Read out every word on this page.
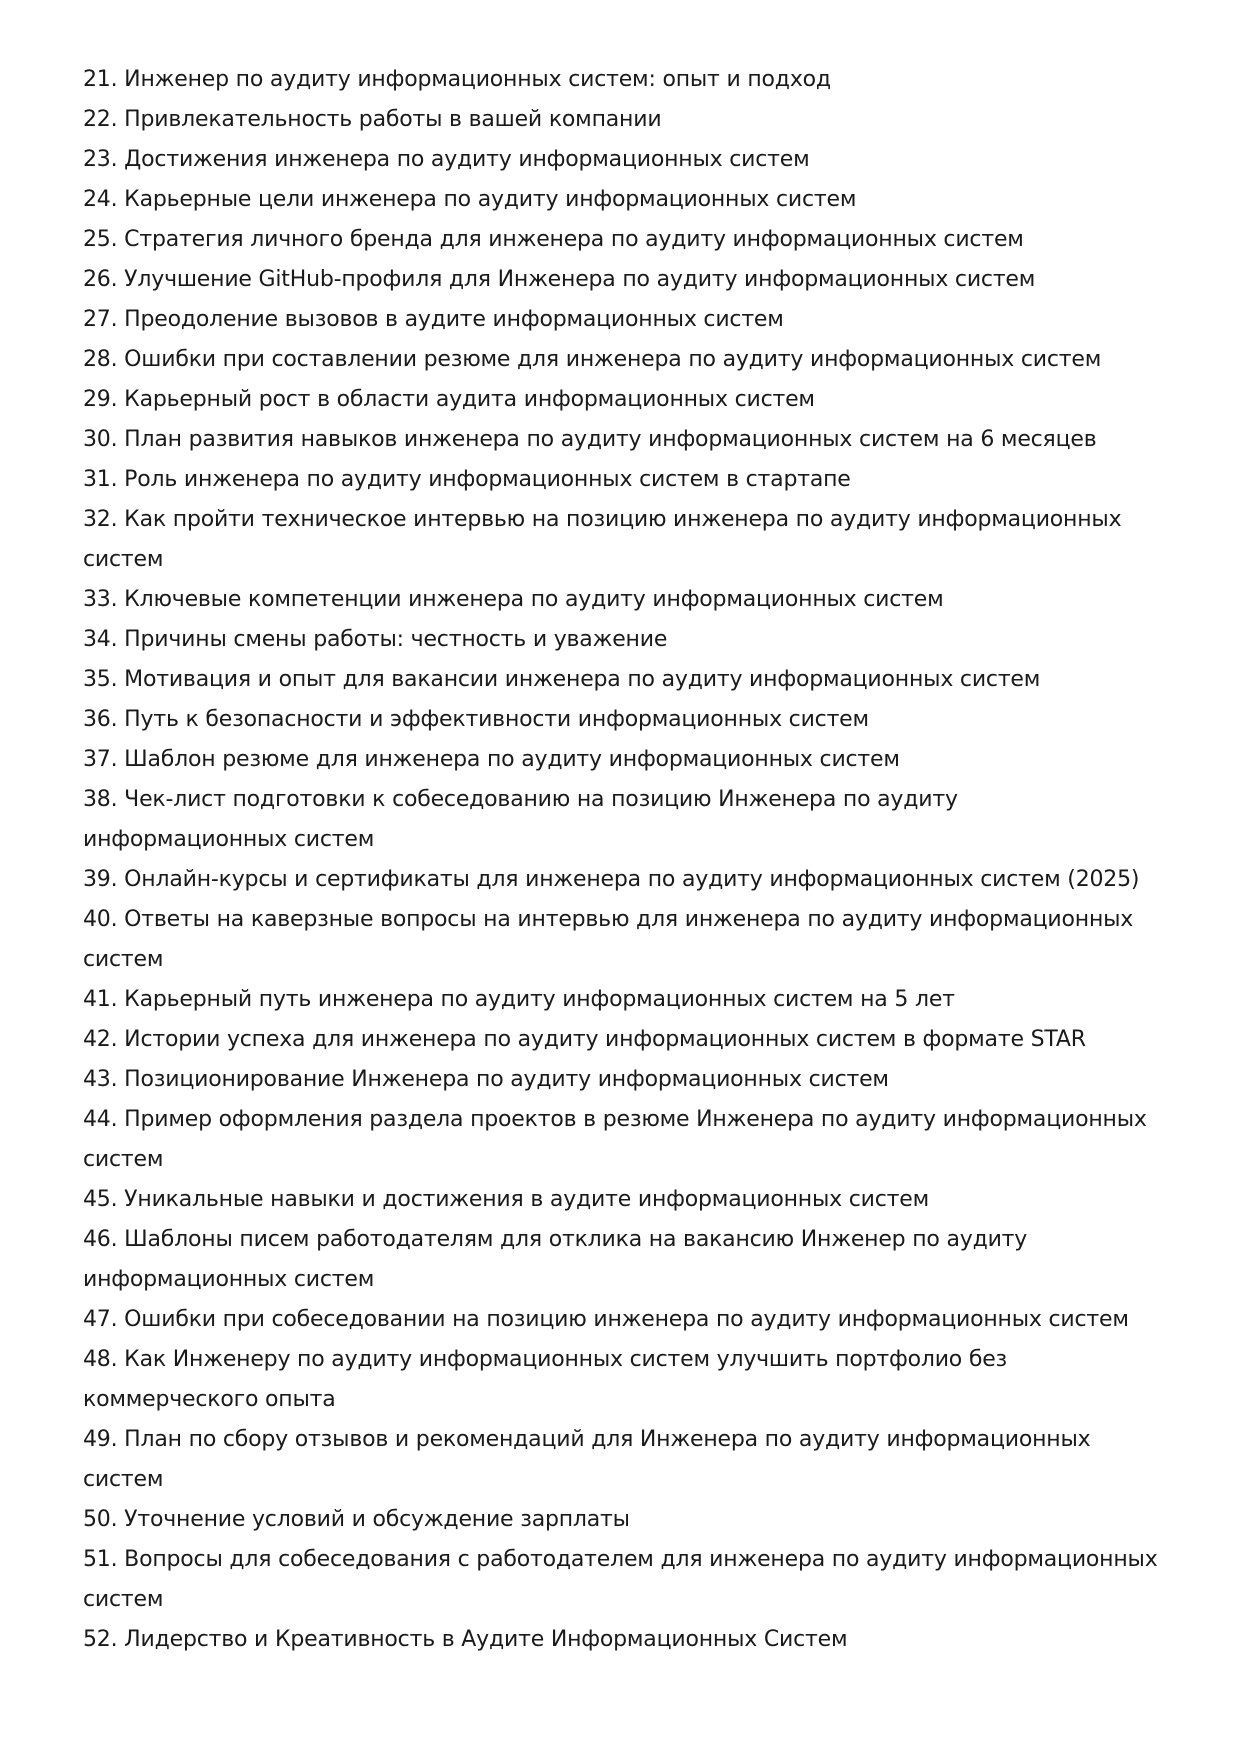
21. Инженер по аудиту информационных систем: опыт и подход
22. Привлекательность работы в вашей компании
23. Достижения инженера по аудиту информационных систем
24. Карьерные цели инженера по аудиту информационных систем
25. Стратегия личного бренда для инженера по аудиту информационных систем
26. Улучшение GitHub-профиля для Инженера по аудиту информационных систем
27. Преодоление вызовов в аудите информационных систем
28. Ошибки при составлении резюме для инженера по аудиту информационных систем
29. Карьерный рост в области аудита информационных систем
30. План развития навыков инженера по аудиту информационных систем на 6 месяцев
31. Роль инженера по аудиту информационных систем в стартапе
32. Как пройти техническое интервью на позицию инженера по аудиту информационных систем
33. Ключевые компетенции инженера по аудиту информационных систем
34. Причины смены работы: честность и уважение
35. Мотивация и опыт для вакансии инженера по аудиту информационных систем
36. Путь к безопасности и эффективности информационных систем
37. Шаблон резюме для инженера по аудиту информационных систем
38. Чек-лист подготовки к собеседованию на позицию Инженера по аудиту информационных систем
39. Онлайн-курсы и сертификаты для инженера по аудиту информационных систем (2025)
40. Ответы на каверзные вопросы на интервью для инженера по аудиту информационных систем
41. Карьерный путь инженера по аудиту информационных систем на 5 лет
42. Истории успеха для инженера по аудиту информационных систем в формате STAR
43. Позиционирование Инженера по аудиту информационных систем
44. Пример оформления раздела проектов в резюме Инженера по аудиту информационных систем
45. Уникальные навыки и достижения в аудите информационных систем
46. Шаблоны писем работодателям для отклика на вакансию Инженер по аудиту информационных систем
47. Ошибки при собеседовании на позицию инженера по аудиту информационных систем
48. Как Инженеру по аудиту информационных систем улучшить портфолио без коммерческого опыта
49. План по сбору отзывов и рекомендаций для Инженера по аудиту информационных систем
50. Уточнение условий и обсуждение зарплаты
51. Вопросы для собеседования с работодателем для инженера по аудиту информационных систем
52. Лидерство и Креативность в Аудите Информационных Систем
